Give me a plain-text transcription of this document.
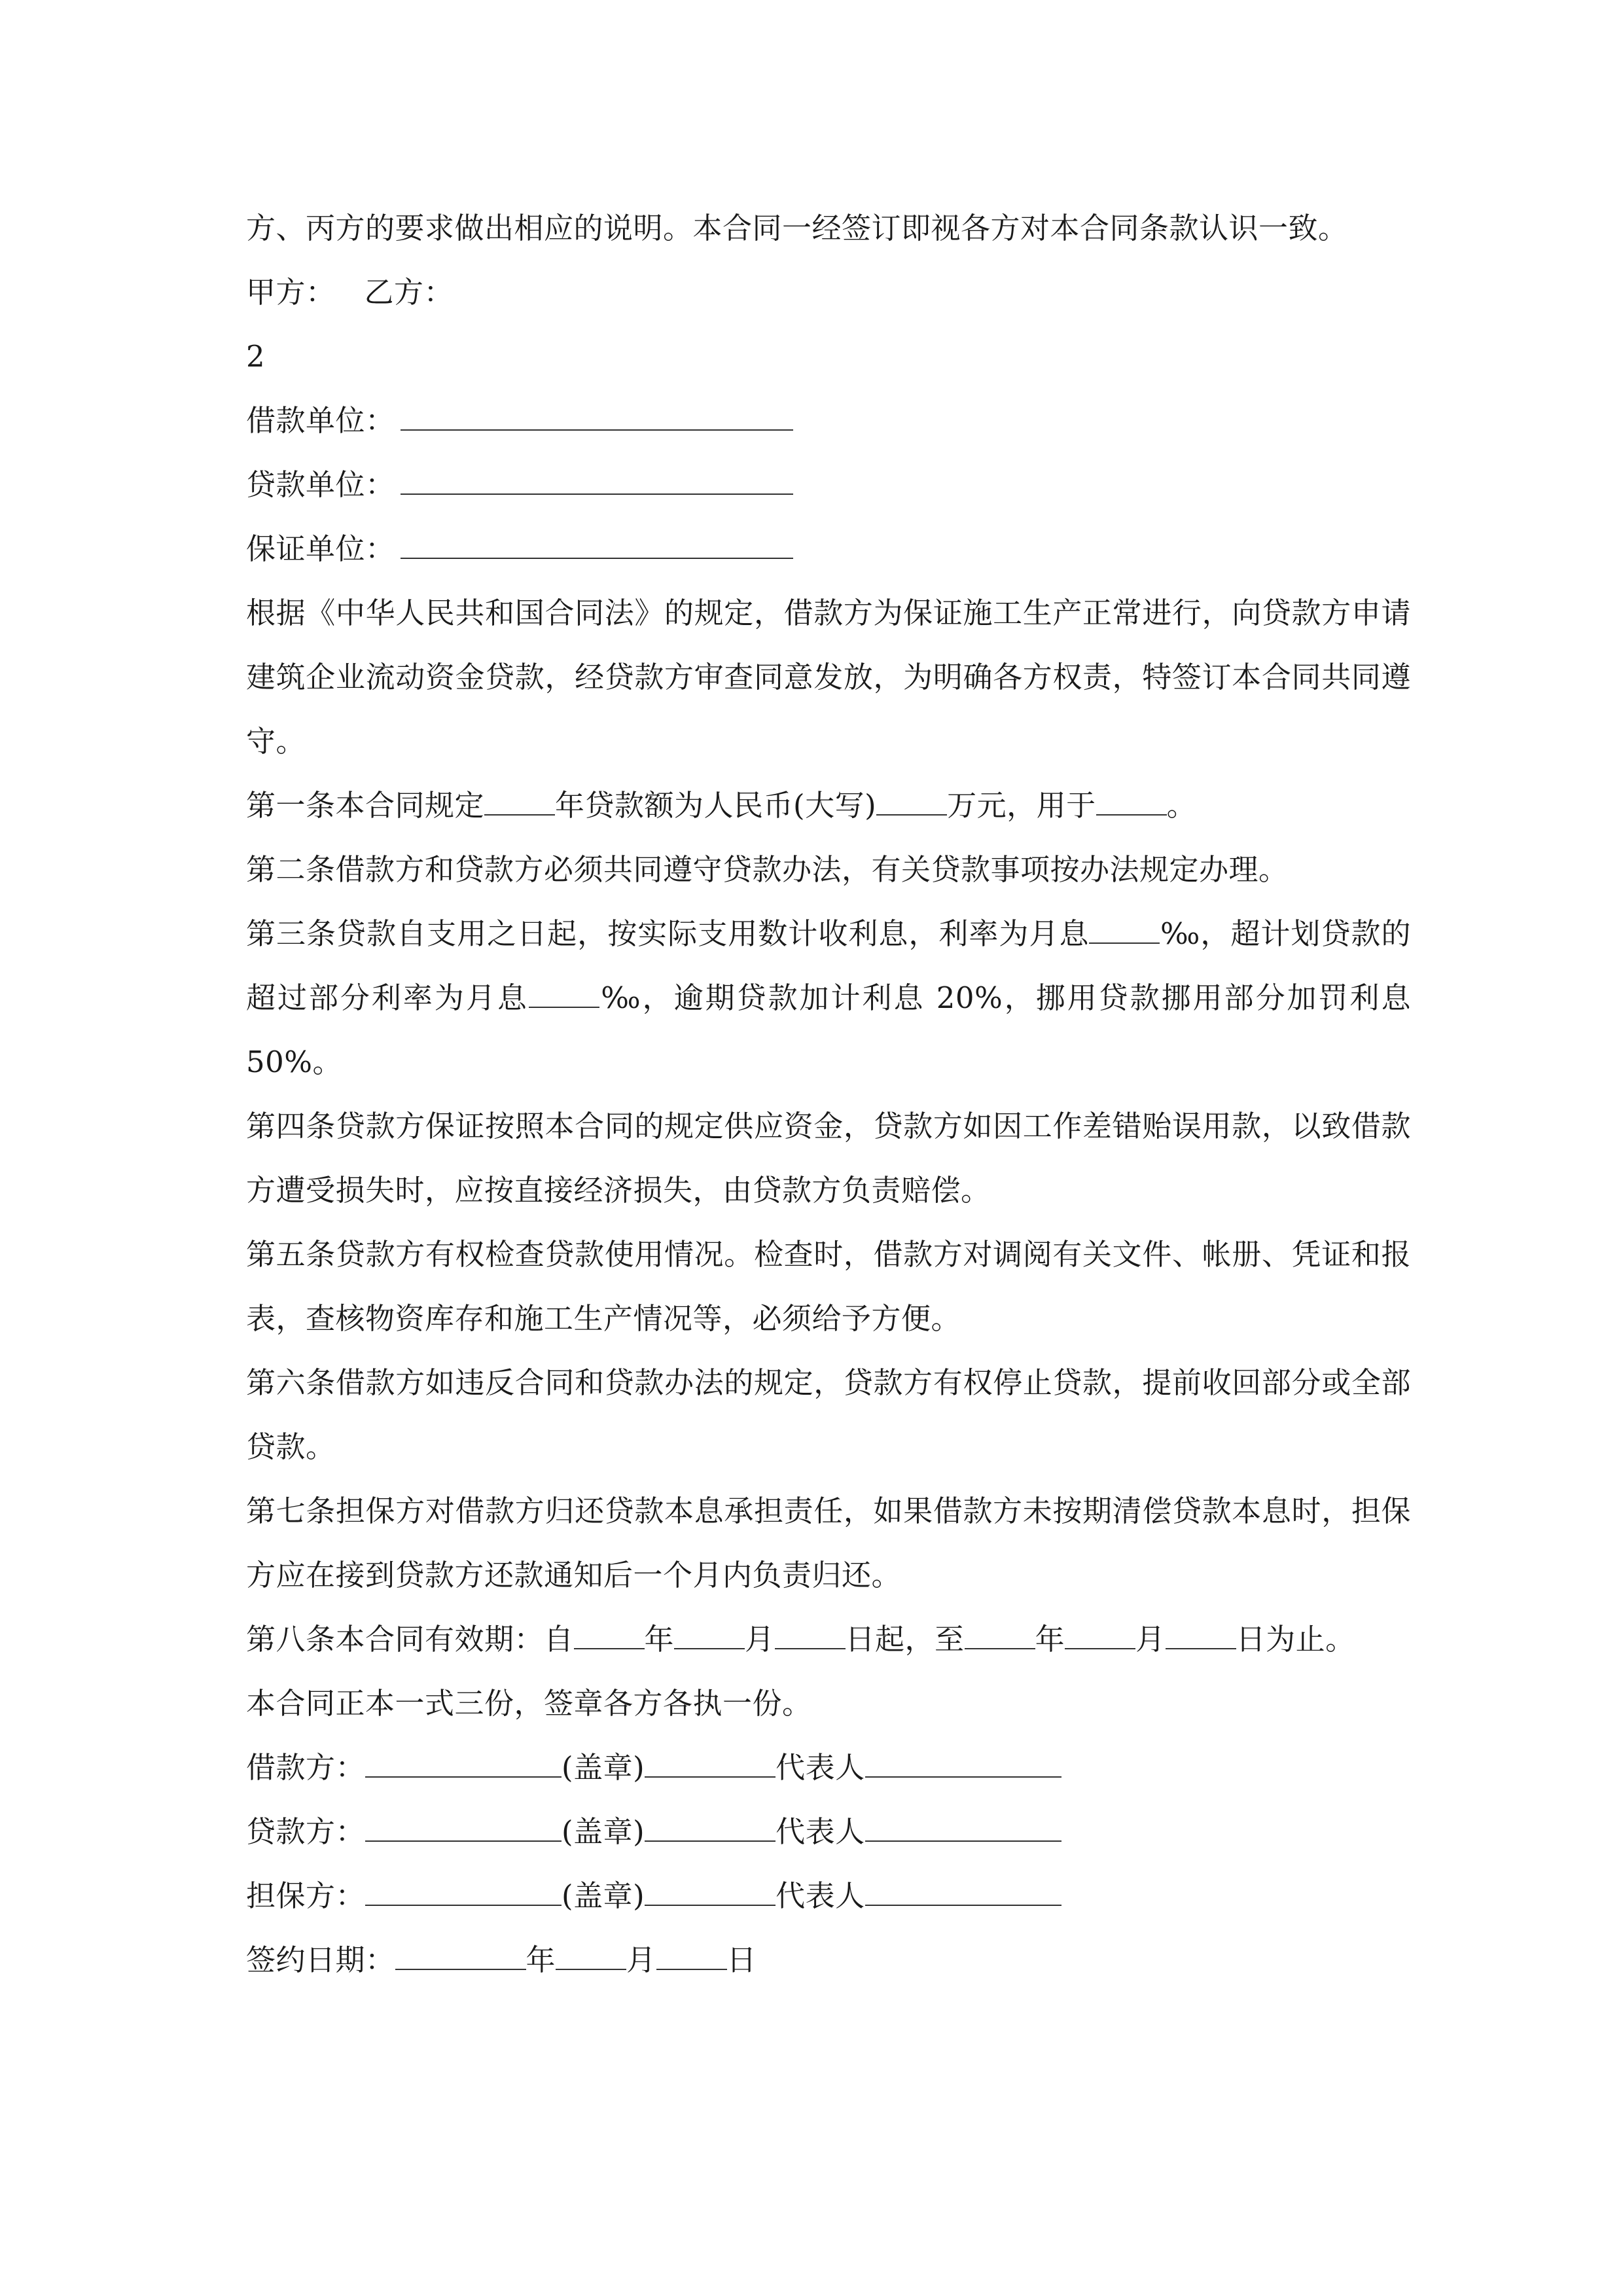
方、丙方的要求做出相应的说明。本合同一经签订即视各方对本合同条款认识一致。
甲方： 乙方：
2
借款单位：
贷款单位：
保证单位：
根据《中华人民共和国合同法》的规定，借款方为保证施工生产正常进行，向贷款方申请建筑企业流动资金贷款，经贷款方审查同意发放，为明确各方权责，特签订本合同共同遵守。
第一条本合同规定 年贷款额为人民币(大写) 万元，用于 。
第二条借款方和贷款方必须共同遵守贷款办法，有关贷款事项按办法规定办理。
第三条贷款自支用之日起，按实际支用数计收利息，利率为月息 ‰，超计划贷款的超过部分利率为月息 ‰，逾期贷款加计利息 20%，挪用贷款挪用部分加罚利息 50%。
第四条贷款方保证按照本合同的规定供应资金，贷款方如因工作差错贻误用款，以致借款方遭受损失时，应按直接经济损失，由贷款方负责赔偿。
第五条贷款方有权检查贷款使用情况。检查时，借款方对调阅有关文件、帐册、凭证和报表，查核物资库存和施工生产情况等，必须给予方便。
第六条借款方如违反合同和贷款办法的规定，贷款方有权停止贷款，提前收回部分或全部贷款。
第七条担保方对借款方归还贷款本息承担责任，如果借款方未按期清偿贷款本息时，担保方应在接到贷款方还款通知后一个月内负责归还。
第八条本合同有效期：自 年 月 日起，至 年 月 日为止。
本合同正本一式三份，签章各方各执一份。
借款方：	(盖章)	代表人
贷款方：	(盖章)	代表人
担保方：	(盖章)	代表人
签约日期：	年 月 日
